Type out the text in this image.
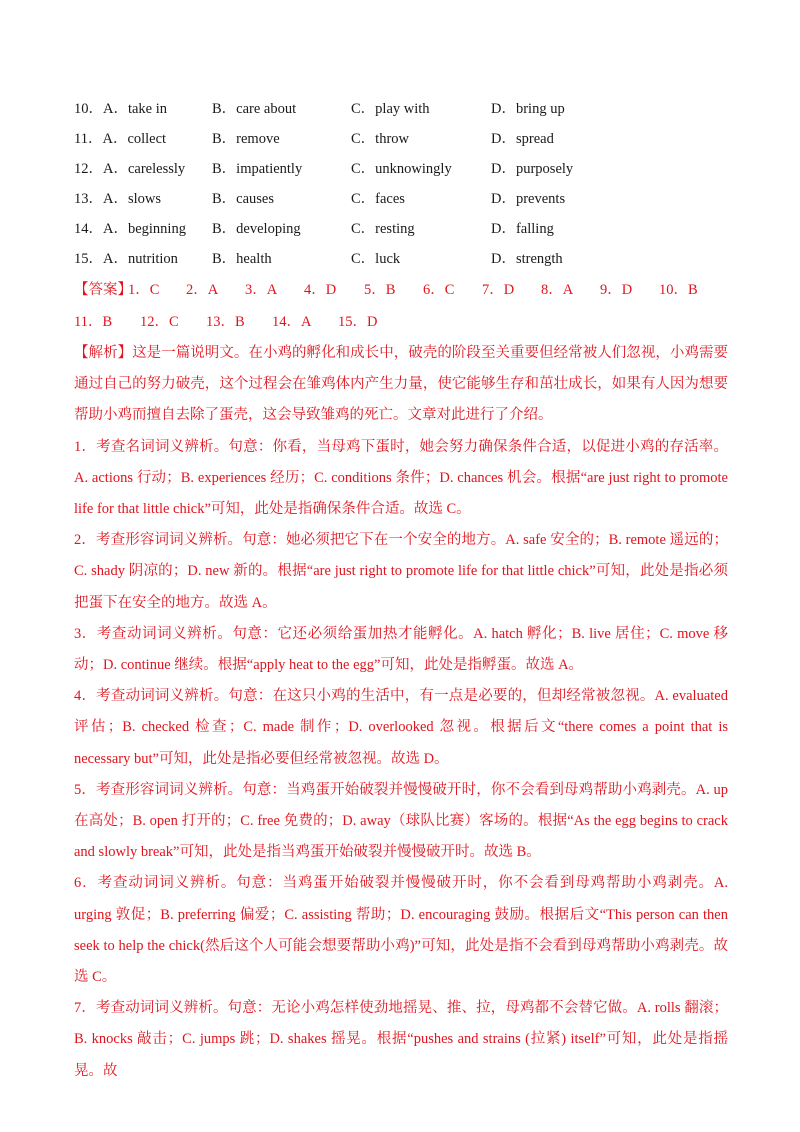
10．A．take in	B．care about	C．play with	D．bring up
11．A．collect	B．remove	C．throw	D．spread
12．A．carelessly B．impatiently	C．unknowingly	D．purposely
13．A．slows	B．causes	C．faces	D．prevents
14．A．beginning B．developing	C．resting	D．falling
15．A．nutrition B．health	C．luck	D．strength
【答案】
1．C 2．A 3．A 4．D 5．B 6．C 7．D 8．A 9．D 10．B
11．B 12．C 13．B 14．A 15．D

【解析】这是一篇说明文。在小鸡的孵化和成长中，破壳的阶段至关重要但经常被人们忽视，小鸡需要通过自己的努力破壳，这个过程会在雏鸡体内产生力量，使它能够生存和茁壮成长，如果有人因为想要帮助小鸡而擅自去除了蛋壳，这会导致雏鸡的死亡。文章对此进行了介绍。

1．考查名词词义辨析。句意：你看，当母鸡下蛋时，她会努力确保条件合适，以促进小鸡的存活率。A. actions 行动；B. experiences 经历；C. conditions 条件；D. chances 机会。根据“are just right to promote life for that little chick”可知，此处是指确保条件合适。故选 C。

2．考查形容词词义辨析。句意：她必须把它下在一个安全的地方。A. safe 安全的；B. remote 遥远的；C. shady 阴凉的；D. new 新的。根据“are just right to promote life for that little chick”可知，此处是指必须把蛋下在安全的地方。故选 A。

3．考查动词词义辨析。句意：它还必须给蛋加热才能孵化。A. hatch 孵化；B. live 居住；C. move 移动；D. continue 继续。根据“apply heat to the egg”可知，此处是指孵蛋。故选 A。

4．考查动词词义辨析。句意：在这只小鸡的生活中，有一点是必要的，但却经常被忽视。A. evaluated 评估；B. checked 检查；C. made 制作；D. overlooked 忽视。根据后文“there comes a point that is necessary but”可知，此处是指必要但经常被忽视。故选 D。

5．考查形容词词义辨析。句意：当鸡蛋开始破裂并慢慢破开时，你不会看到母鸡帮助小鸡剥壳。A. up 在高处；B. open 打开的；C. free 免费的；D. away（球队比赛）客场的。根据“As the egg begins to crack and slowly break”可知，此处是指当鸡蛋开始破裂并慢慢破开时。故选 B。

6．考查动词词义辨析。句意：当鸡蛋开始破裂并慢慢破开时，你不会看到母鸡帮助小鸡剥壳。A. urging 敦促；B. preferring 偏爱；C. assisting 帮助；D. encouraging 鼓励。根据后文“This person can then seek to help the chick(然后这个人可能会想要帮助小鸡)”可知，此处是指不会看到母鸡帮助小鸡剥壳。故选 C。

7．考查动词词义辨析。句意：无论小鸡怎样使劲地摇晃、推、拉，母鸡都不会替它做。A. rolls 翻滚；B. knocks 敲击；C. jumps 跳；D. shakes 摇晃。根据“pushes and strains (拉紧) itself”可知，此处是指摇晃。故
